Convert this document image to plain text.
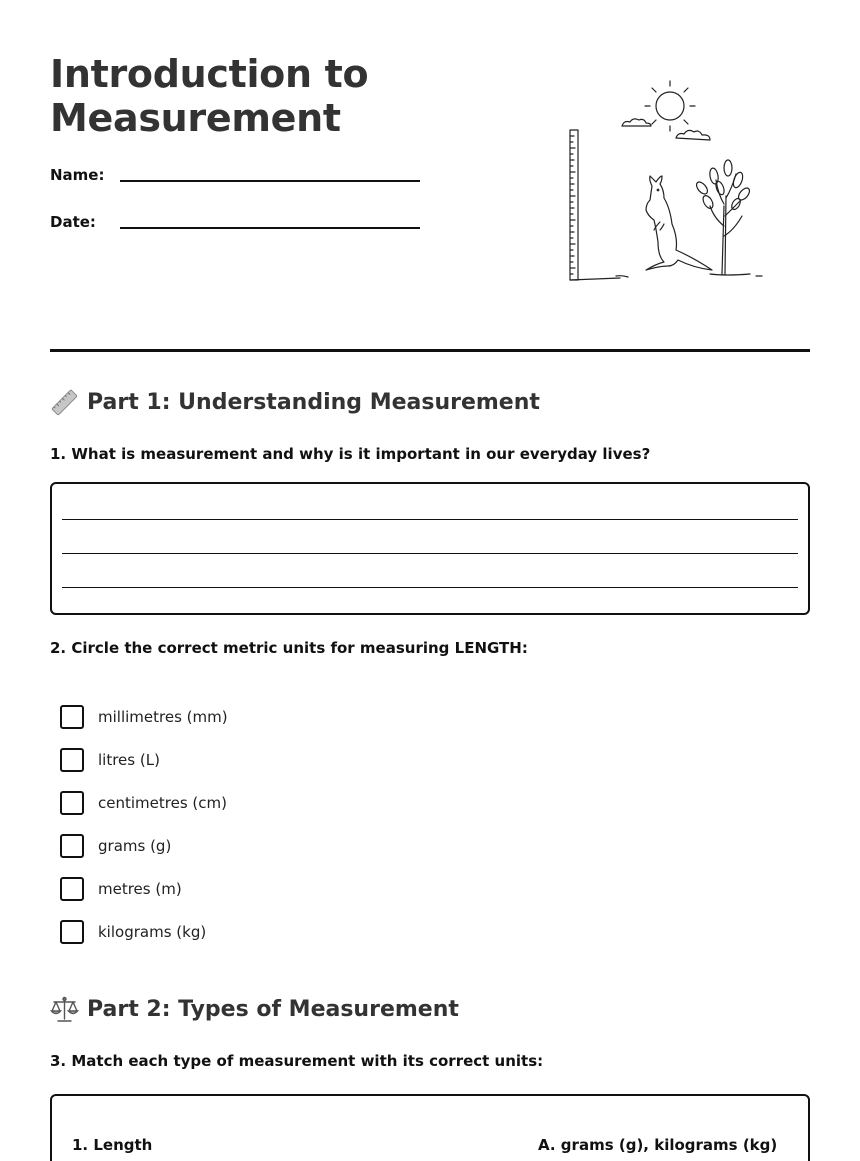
Introduction to
Measurement
Name:
Date:
Part 1: Understanding Measurement

1. What is measurement and why is it important in our everyday lives?

2. Circle the correct metric units for measuring LENGTH:

millimetres (mm)
litres (L)
centimetres (cm)
grams (g)
metres (m)
kilograms (kg)
Part 2: Types of Measurement

3. Match each type of measurement with its correct units:

1. Length	A. grams (g), kilograms (kg)
